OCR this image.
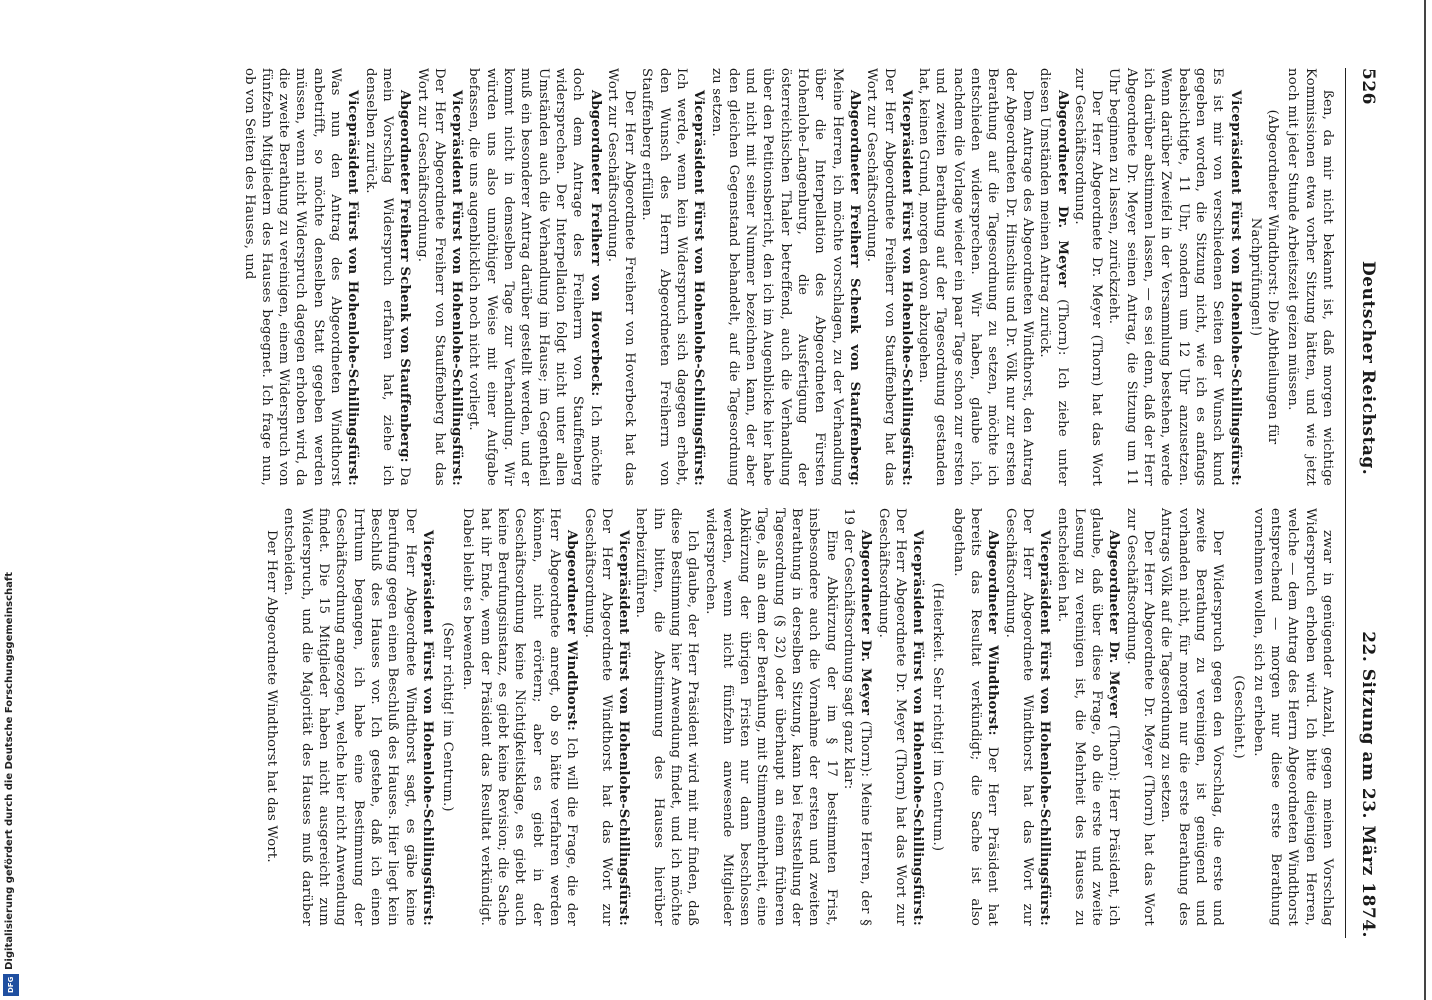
Digitalisierung gefördert durch die Deutsche Forschungsgemeinschaft
DFG
526
Deutscher Reichstag.
22. Sitzung am 23. März 1874.

ßen, da mir nicht bekannt ist, daß morgen wichtige Kommissionen etwa vorher Sitzung hätten, und wie jetzt noch mit jeder Stunde Arbeitszeit geizen müssen.

(Abgeordneter Windthorst: Die Abtheilungen für Nachprüfungen!)

Vicepräsident Fürst von Hohenlohe-Schillingsfürst: Es ist mir von verschiedenen Seiten der Wunsch kund gegeben worden, die Sitzung nicht, wie ich es anfangs beabsichtigte, 11 Uhr, sondern um 12 Uhr anzusetzen. Wenn darüber Zweifel in der Versammlung bestehen, werde ich darüber abstimmen lassen, — es sei denn, daß der Herr Abgeordnete Dr. Meyer seinen Antrag, die Sitzung um 11 Uhr beginnen zu lassen, zurückzieht.

Der Herr Abgeordnete Dr. Meyer (Thorn) hat das Wort zur Geschäftsordnung.

Abgeordneter Dr. Meyer (Thorn): Ich ziehe unter diesen Umständen meinen Antrag zurück.

Dem Antrage des Abgeordneten Windthorst, den Antrag der Abgeordneten Dr. Hinschius und Dr. Völk nur zur ersten Berathung auf die Tagesordnung zu setzen, möchte ich entschieden widersprechen. Wir haben, glaube ich, nachdem die Vorlage wieder ein paar Tage schon zur ersten und zweiten Berathung auf der Tagesordnung gestanden hat, keinen Grund, morgen davon abzugehen.

Vicepräsident Fürst von Hohenlohe-Schillingsfürst: Der Herr Abgeordnete Freiherr von Stauffenberg hat das Wort zur Geschäftsordnung.

Abgeordneter Freiherr Schenk von Stauffenberg: Meine Herren, ich möchte vorschlagen, zu der Verhandlung über die Interpellation des Abgeordneten Fürsten Hohenlohe-Langenburg, die Ausfertigung der österreichischen Thaler betreffend, auch die Verhandlung über den Petitionsbericht, den ich im Augenblicke hier habe und nicht mit seiner Nummer bezeichnen kann, der aber den gleichen Gegenstand behandelt, auf die Tagesordnung zu setzen.

Vicepräsident Fürst von Hohenlohe-Schillingsfürst: Ich werde, wenn kein Widerspruch sich dagegen erhebt, den Wunsch des Herrn Abgeordneten Freiherrn von Stauffenberg erfüllen.

Der Herr Abgeordnete Freiherr von Hoverbeck hat das Wort zur Geschäftsordnung.

Abgeordneter Freiherr von Hoverbeck: Ich möchte doch dem Antrage des Freiherrn von Stauffenberg widersprechen. Der Interpellation folgt nicht unter allen Umständen auch die Verhandlung im Hause; im Gegentheil muß ein besonderer Antrag darüber gestellt werden, und er kommt nicht in demselben Tage zur Verhandlung. Wir würden uns also unnöthiger Weise mit einer Aufgabe befassen, die uns augenblicklich noch nicht vorliegt.

Vicepräsident Fürst von Hohenlohe-Schillingsfürst: Der Herr Abgeordnete Freiherr von Stauffenberg hat das Wort zur Geschäftsordnung.

Abgeordneter Freiherr Schenk von Stauffenberg: Da mein Vorschlag Widerspruch erfahren hat, ziehe ich denselben zurück.

Vicepräsident Fürst von Hohenlohe-Schillingsfürst: Was nun den Antrag des Abgeordneten Windthorst anbetrifft, so möchte denselben Statt gegeben werden müssen, wenn nicht Widerspruch dagegen erhoben wird, da die zweite Berathung zu vereinigen, einem Widerspruch von fünfzehn Mitgliedern des Hauses begegnet. Ich frage nun, ob von Seiten des Hauses, und

zwar in genügender Anzahl, gegen meinen Vorschlag Widerspruch erhoben wird. Ich bitte diejenigen Herren, welche — dem Antrag des Herrn Abgeordneten Windthorst entsprechend — morgen nur diese erste Berathung vornehmen wollen, sich zu erheben.

(Geschieht.)

Der Widerspruch gegen den Vorschlag, die erste und zweite Berathung zu vereinigen, ist genügend und vorhanden nicht, für morgen nur die erste Berathung des Antrags Völk auf die Tagesordnung zu setzen.

Der Herr Abgeordnete Dr. Meyer (Thorn) hat das Wort zur Geschäftsordnung.

Abgeordneter Dr. Meyer (Thorn): Herr Präsident, ich glaube, daß über diese Frage, ob die erste und zweite Lesung zu vereinigen ist, die Mehrheit des Hauses zu entscheiden hat.

Vicepräsident Fürst von Hohenlohe-Schillingsfürst: Der Herr Abgeordnete Windthorst hat das Wort zur Geschäftsordnung.

Abgeordneter Windthorst: Der Herr Präsident hat bereits das Resultat verkündigt; die Sache ist also abgethan.

(Heiterkeit. Sehr richtig! im Centrum.)

Vicepräsident Fürst von Hohenlohe-Schillingsfürst: Der Herr Abgeordnete Dr. Meyer (Thorn) hat das Wort zur Geschäftsordnung.

Abgeordneter Dr. Meyer (Thorn): Meine Herren, der § 19 der Geschäftsordnung sagt ganz klar:

Eine Abkürzung der im § 17 bestimmten Frist, insbesondere auch die Vornahme der ersten und zweiten Berathung in derselben Sitzung, kann bei Feststellung der Tagesordnung (§ 32) oder überhaupt an einem früheren Tage, als an dem der Berathung, mit Stimmenmehrheit, eine Abkürzung der übrigen Fristen nur dann beschlossen werden, wenn nicht fünfzehn anwesende Mitglieder widersprechen.

Ich glaube, der Herr Präsident wird mit mir finden, daß diese Bestimmung hier Anwendung findet, und ich möchte ihn bitten, die Abstimmung des Hauses hierüber herbeizuführen.

Vicepräsident Fürst von Hohenlohe-Schillingsfürst: Der Herr Abgeordnete Windthorst hat das Wort zur Geschäftsordnung.

Abgeordneter Windthorst: Ich will die Frage, die der Herr Abgeordnete anregt, ob so hätte verfahren werden können, nicht erörtern; aber es giebt in der Geschäftsordnung keine Nichtigkeitsklage, es giebt auch keine Berufungsinstanz, es giebt keine Revision; die Sache hat ihr Ende, wenn der Präsident das Resultat verkündigt. Dabei bleibt es bewenden.

(Sehr richtig! im Centrum.)

Vicepräsident Fürst von Hohenlohe-Schillingsfürst: Der Herr Abgeordnete Windthorst sagt, es gäbe keine Berufung gegen einen Beschluß des Hauses. Hier liegt kein Beschluß des Hauses vor. Ich gestehe, daß ich einen Irrthum begangen, ich habe eine Bestimmung der Geschäftsordnung angezogen, welche hier nicht Anwendung findet. Die 15 Mitglieder haben nicht ausgereicht zum Widerspruch, und die Majorität des Hauses muß darüber entscheiden.

Der Herr Abgeordnete Windthorst hat das Wort.
